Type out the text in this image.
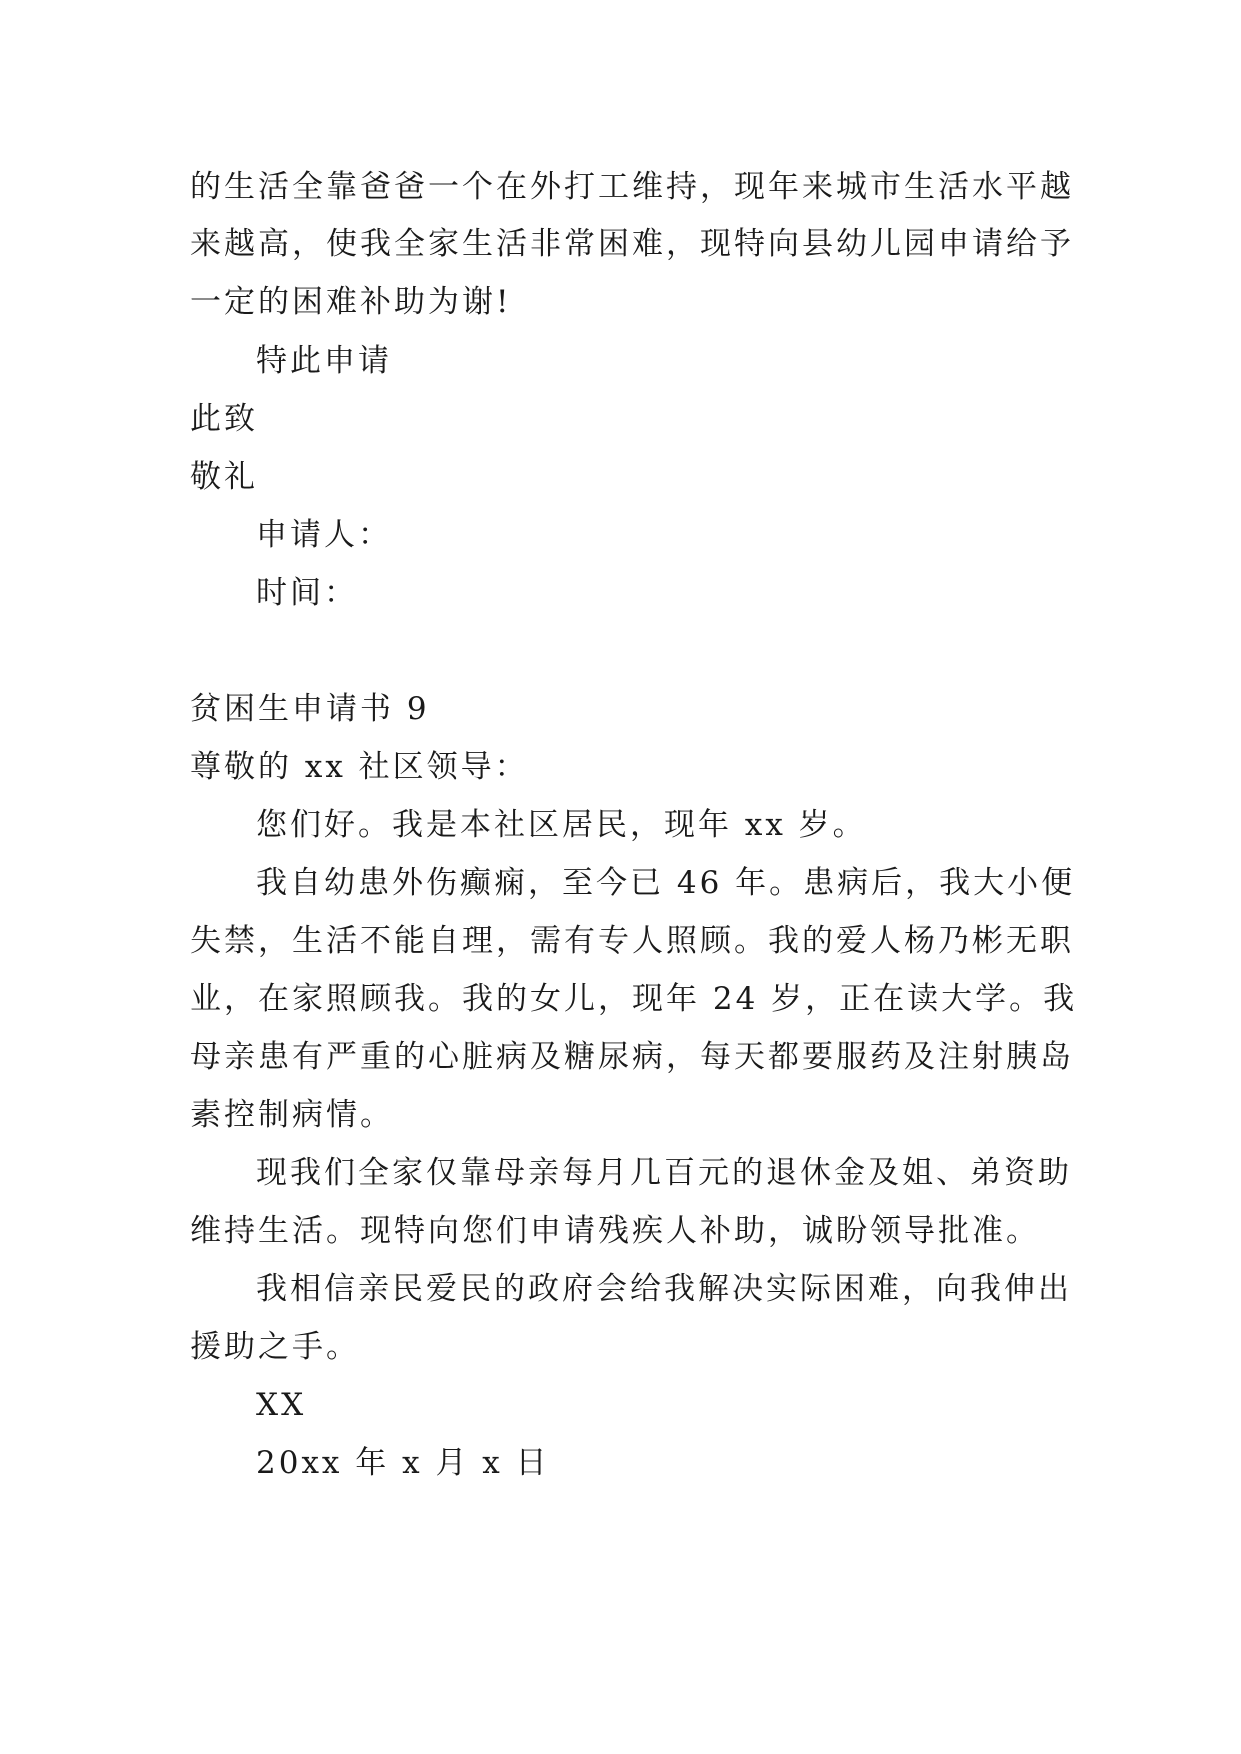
的生活全靠爸爸一个在外打工维持，现年来城市生活水平越
来越高，使我全家生活非常困难，现特向县幼儿园申请给予
一定的困难补助为谢!
特此申请
此致
敬礼
申请人：
时间：
贫困生申请书 9
尊敬的 xx 社区领导：
您们好。我是本社区居民，现年 xx 岁。
我自幼患外伤癫痫，至今已 46 年。患病后，我大小便
失禁，生活不能自理，需有专人照顾。我的爱人杨乃彬无职
业，在家照顾我。我的女儿，现年 24 岁，正在读大学。我
母亲患有严重的心脏病及糖尿病，每天都要服药及注射胰岛
素控制病情。
现我们全家仅靠母亲每月几百元的退休金及姐、弟资助
维持生活。现特向您们申请残疾人补助，诚盼领导批准。
我相信亲民爱民的政府会给我解决实际困难，向我伸出
援助之手。
XX
20xx 年 x 月 x 日
